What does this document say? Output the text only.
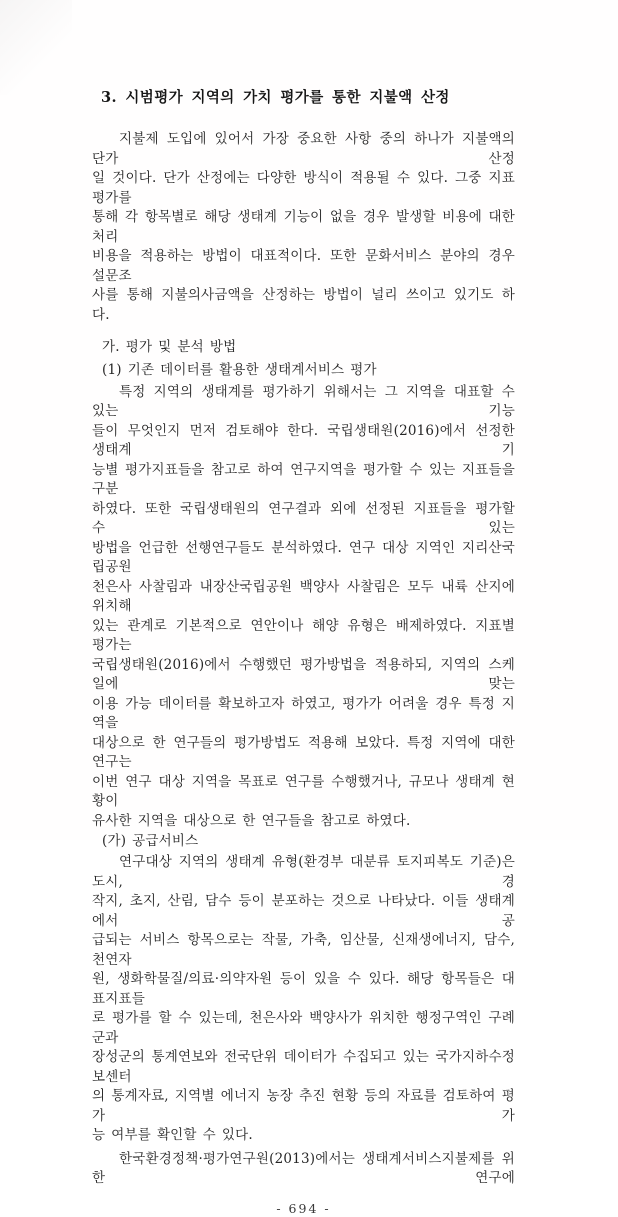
3. 시범평가 지역의 가치 평가를 통한 지불액 산정
지불제 도입에 있어서 가장 중요한 사항 중의 하나가 지불액의 단가 산정
일 것이다. 단가 산정에는 다양한 방식이 적용될 수 있다. 그중 지표 평가를
통해 각 항목별로 해당 생태계 기능이 없을 경우 발생할 비용에 대한 처리
비용을 적용하는 방법이 대표적이다. 또한 문화서비스 분야의 경우 설문조
사를 통해 지불의사금액을 산정하는 방법이 널리 쓰이고 있기도 하다.
가. 평가 및 분석 방법
(1) 기존 데이터를 활용한 생태계서비스 평가
특정 지역의 생태계를 평가하기 위해서는 그 지역을 대표할 수 있는 기능
들이 무엇인지 먼저 검토해야 한다. 국립생태원(2016)에서 선정한 생태계 기
능별 평가지표들을 참고로 하여 연구지역을 평가할 수 있는 지표들을 구분
하였다. 또한 국립생태원의 연구결과 외에 선정된 지표들을 평가할 수 있는
방법을 언급한 선행연구들도 분석하였다. 연구 대상 지역인 지리산국립공원
천은사 사찰림과 내장산국립공원 백양사 사찰림은 모두 내륙 산지에 위치해
있는 관계로 기본적으로 연안이나 해양 유형은 배제하였다. 지표별 평가는
국립생태원(2016)에서 수행했던 평가방법을 적용하되, 지역의 스케일에 맞는
이용 가능 데이터를 확보하고자 하였고, 평가가 어려울 경우 특정 지역을
대상으로 한 연구들의 평가방법도 적용해 보았다. 특정 지역에 대한 연구는
이번 연구 대상 지역을 목표로 연구를 수행했거나, 규모나 생태계 현황이
유사한 지역을 대상으로 한 연구들을 참고로 하였다.
(가) 공급서비스
연구대상 지역의 생태계 유형(환경부 대분류 토지피복도 기준)은 도시, 경
작지, 초지, 산림, 담수 등이 분포하는 것으로 나타났다. 이들 생태계에서 공
급되는 서비스 항목으로는 작물, 가축, 임산물, 신재생에너지, 담수, 천연자
원, 생화학물질/의료·의약자원 등이 있을 수 있다. 해당 항목들은 대표지표들
로 평가를 할 수 있는데, 천은사와 백양사가 위치한 행정구역인 구례군과
장성군의 통계연보와 전국단위 데이터가 수집되고 있는 국가지하수정보센터
의 통계자료, 지역별 에너지 농장 추진 현황 등의 자료를 검토하여 평가 가
능 여부를 확인할 수 있다.
한국환경정책·평가연구원(2013)에서는 생태계서비스지불제를 위한 연구에
- 694 -
